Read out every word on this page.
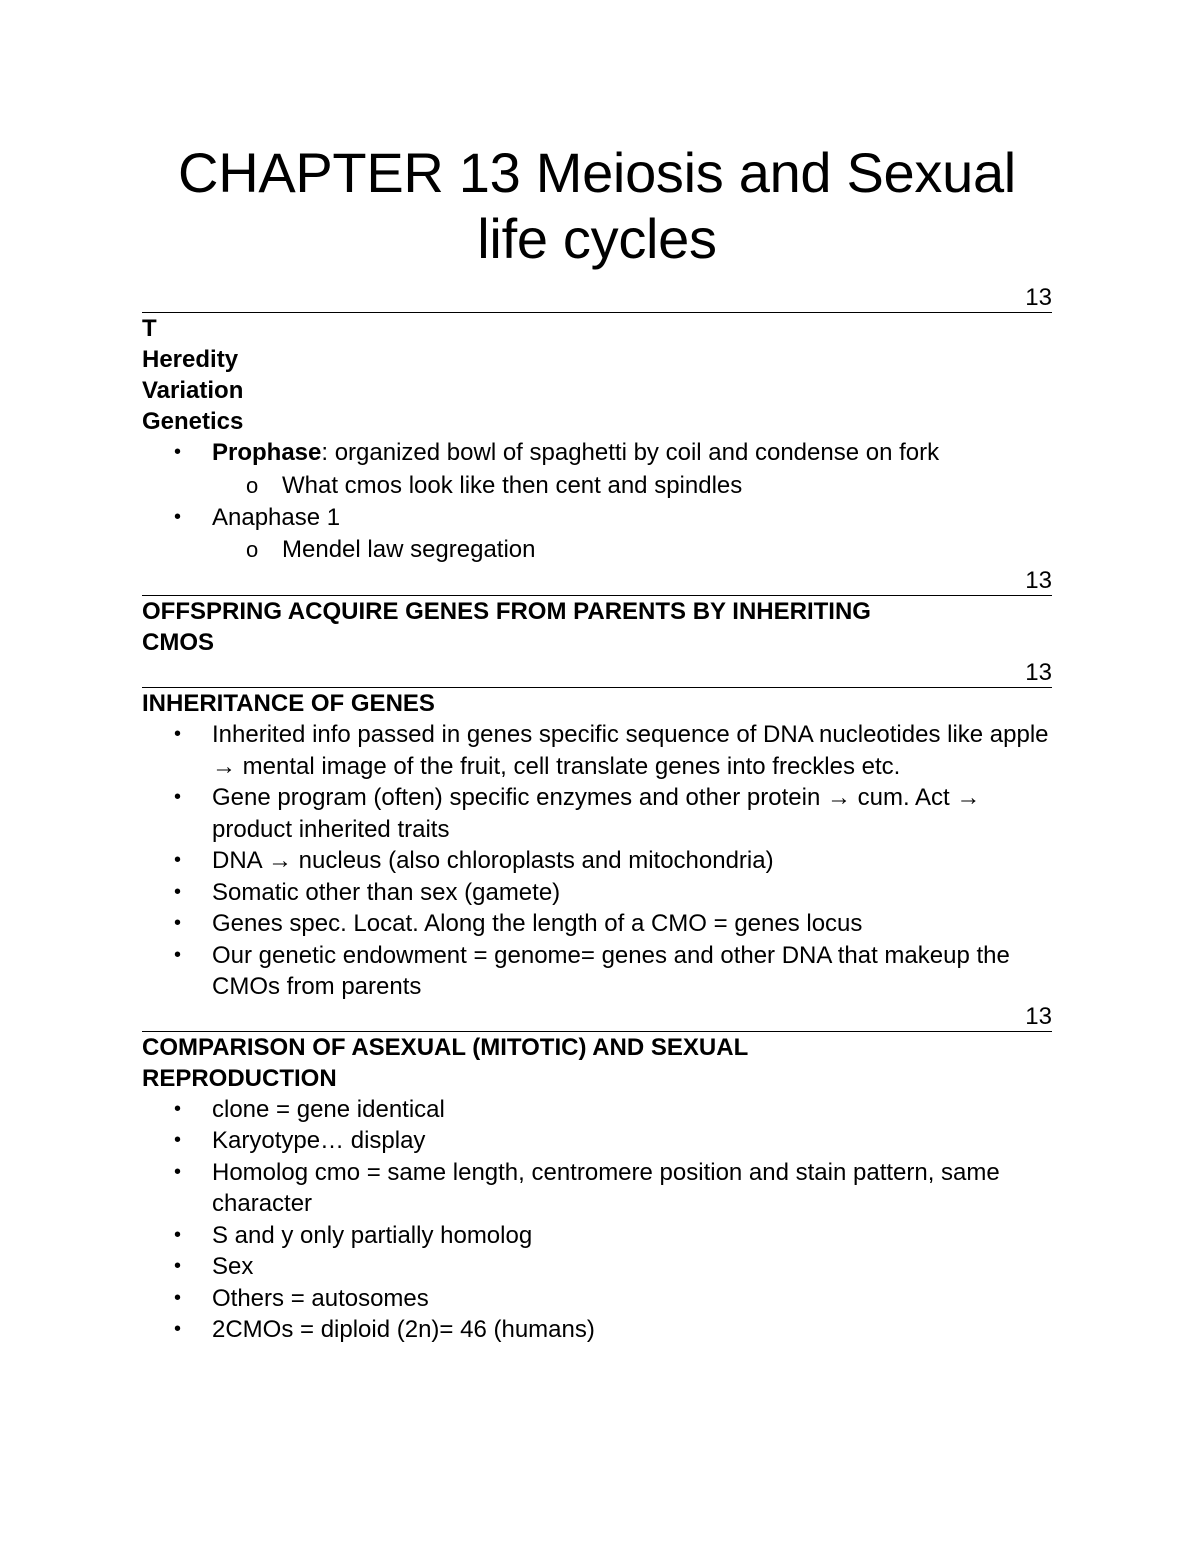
CHAPTER 13 Meiosis and Sexual
life cycles
13
T
Heredity
Variation
Genetics
• Prophase: organized bowl of spaghetti by coil and condense on fork
o What cmos look like then cent and spindles
• Anaphase 1
o Mendel law segregation
13
OFFSPRING ACQUIRE GENES FROM PARENTS BY INHERITING
CMOS
13
INHERITANCE OF GENES
• Inherited info passed in genes specific sequence of DNA nucleotides like apple → mental image of the fruit, cell translate genes into freckles etc.
• Gene program (often) specific enzymes and other protein → cum. Act → product inherited traits
• DNA → nucleus (also chloroplasts and mitochondria)
• Somatic other than sex (gamete)
• Genes spec. Locat. Along the length of a CMO = genes locus
• Our genetic endowment = genome= genes and other DNA that makeup the CMOs from parents
13
COMPARISON OF ASEXUAL (MITOTIC) AND SEXUAL
REPRODUCTION
• clone = gene identical
• Karyotype… display
• Homolog cmo = same length, centromere position and stain pattern, same character
• S and y only partially homolog
• Sex
• Others = autosomes
• 2CMOs = diploid (2n)= 46 (humans)
